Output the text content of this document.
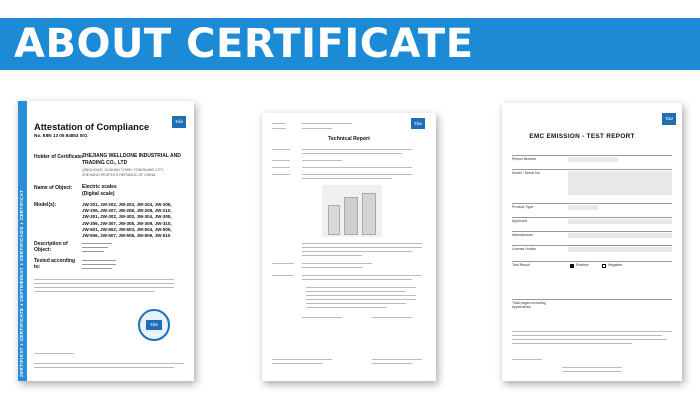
ABOUT CERTIFICATE
ZERTIFIKAT ♦ CERTIFICATE ♦ СЕРТИФИКАТ ♦ CERTIFICADO ♦ CERTIFICAT
TÜV
Attestation of Compliance
No. E8N 13 05 84853 001
Holder of Certificate:
ZHEJIANG WELLDONE INDUSTRIAL AND
TRADING CO., LTD
QINGHOUZI, GUSHAN TOWN, YONGKANG CITY, ZHEJIANG PEOPLE'S REPUBLIC OF CHINA
Name of Object: Electric scales
(Digital scale)
Model(s):	JW-201, JW-202, JW-203, JW-204, JW-205,
JW-206, JW-207, JW-208, JW-209, JW-210,
JW-301, JW-302, JW-303, JW-304, JW-305,
JW-306, JW-307, JW-308, JW-309, JW-310,
JW-501, JW-502, JW-503, JW-504, JW-505,
JW-506, JW-507, JW-508, JW-509, JW-510
Description of Object:
Tested according to:
TÜV SÜD
TÜV
Technical Report
TÜV
EMC EMISSION - TEST REPORT
Report Number
Model / Serial No.
Product Type
Applicant
Manufacturer
License Holder
Test Result	Positive	Negative
Total pages including Appendices
